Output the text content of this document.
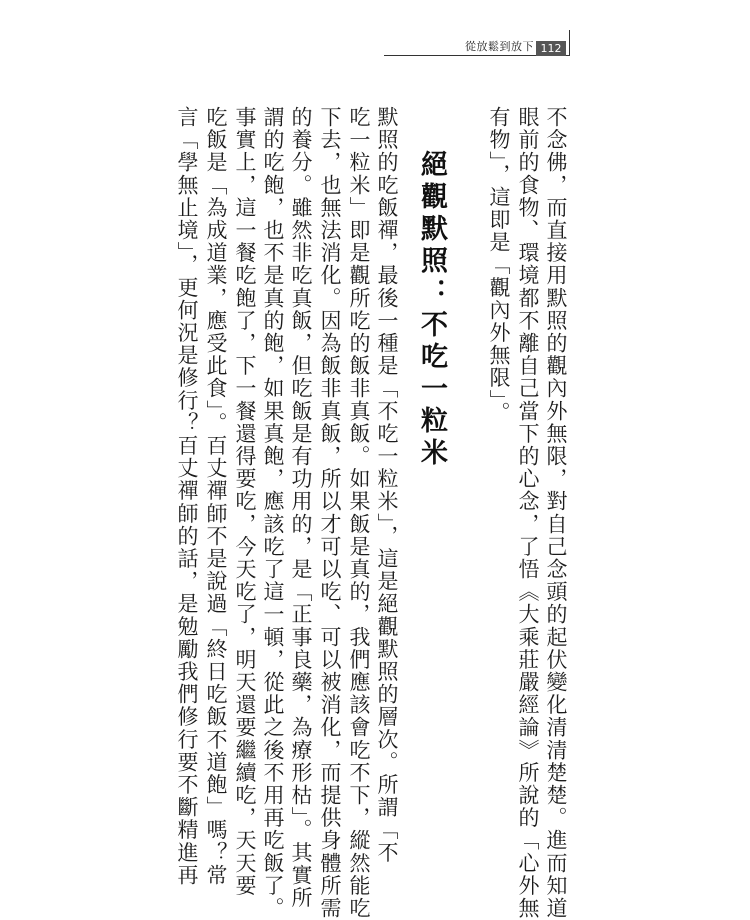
從放鬆到放下 112
不念佛，而直接用默照的觀內外無限，對自己念頭的起伏變化清清楚楚。進而知道
眼前的食物、環境都不離自己當下的心念，了悟《大乘莊嚴經論》所說的「心外無
有物」，這即是「觀內外無限」。
絕觀默照：不吃一粒米
默照的吃飯禪，最後一種是「不吃一粒米」，這是絕觀默照的層次。所謂「不
吃一粒米」即是觀所吃的飯非真飯。如果飯是真的，我們應該會吃不下，縱然能吃
下去，也無法消化。因為飯非真飯，所以才可以吃、可以被消化，而提供身體所需
的養分。雖然非吃真飯，但吃飯是有功用的，是「正事良藥，為療形枯」。其實所
謂的吃飽，也不是真的飽，如果真飽，應該吃了這一頓，從此之後不用再吃飯了。
事實上，這一餐吃飽了，下一餐還得要吃，今天吃了，明天還要繼續吃，天天要
吃飯是「為成道業，應受此食」。百丈禪師不是說過「終日吃飯不道飽」嗎？常
言「學無止境」，更何況是修行？百丈禪師的話，是勉勵我們修行要不斷精進再
